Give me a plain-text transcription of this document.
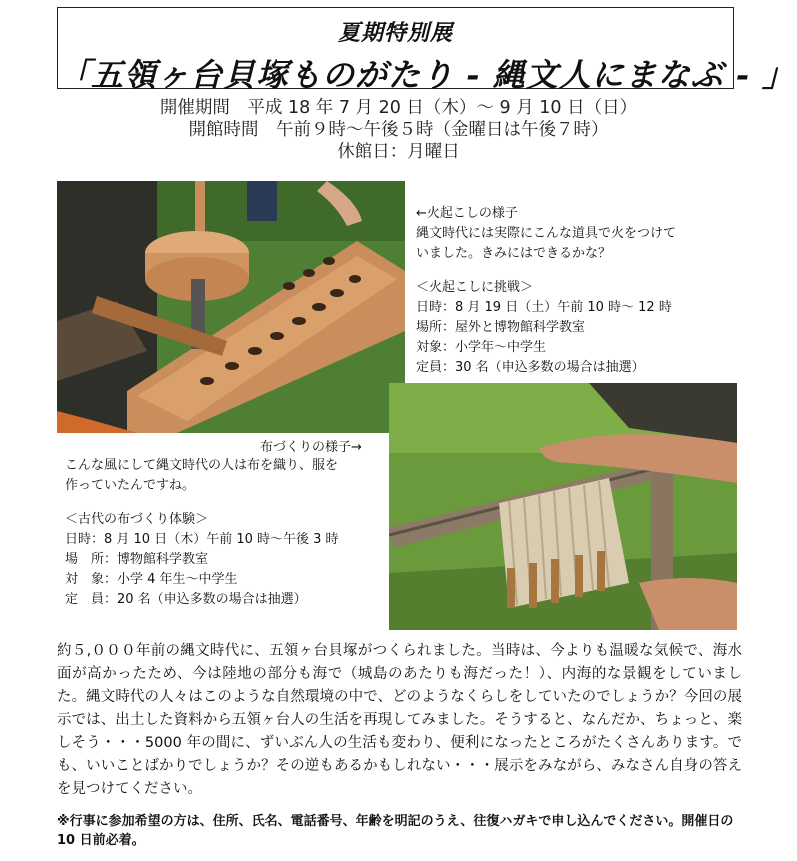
夏期特別展
「五領ヶ台貝塚ものがたり - 縄文人にまなぶ - 」
開催期間　平成 18 年 7 月 20 日（木）～ 9 月 10 日（日）
開館時間　午前９時～午後５時（金曜日は午後７時）
休館日：月曜日
←火起こしの様子
縄文時代には実際にこんな道具で火をつけて
いました。きみにはできるかな？
＜火起こしに挑戦＞
日時：8 月 19 日（土）午前 10 時～ 12 時
場所：屋外と博物館科学教室
対象：小学年～中学生
定員：30 名（申込多数の場合は抽選）
布づくりの様子→
こんな風にして縄文時代の人は布を織り、服を
作っていたんですね。
＜古代の布づくり体験＞
日時：8 月 10 日（木）午前 10 時～午後 3 時
場　所：博物館科学教室
対　象：小学 4 年生～中学生
定　員：20 名（申込多数の場合は抽選）
約５,０００年前の縄文時代に、五領ヶ台貝塚がつくられました。当時は、今よりも温暖な気候で、海水面が高かったため、今は陸地の部分も海で（城島のあたりも海だった！）、内海的な景観をしていました。縄文時代の人々はこのような自然環境の中で、どのようなくらしをしていたのでしょうか？今回の展示では、出土した資料から五領ヶ台人の生活を再現してみました。そうすると、なんだか、ちょっと、楽しそう・・・5000 年の間に、ずいぶん人の生活も変わり、便利になったところがたくさんあります。でも、いいことばかりでしょうか？その逆もあるかもしれない・・・展示をみながら、みなさん自身の答えを見つけてください。
※行事に参加希望の方は、住所、氏名、電話番号、年齢を明記のうえ、往復ハガキで申し込んでください。開催日の 10 日前必着。
